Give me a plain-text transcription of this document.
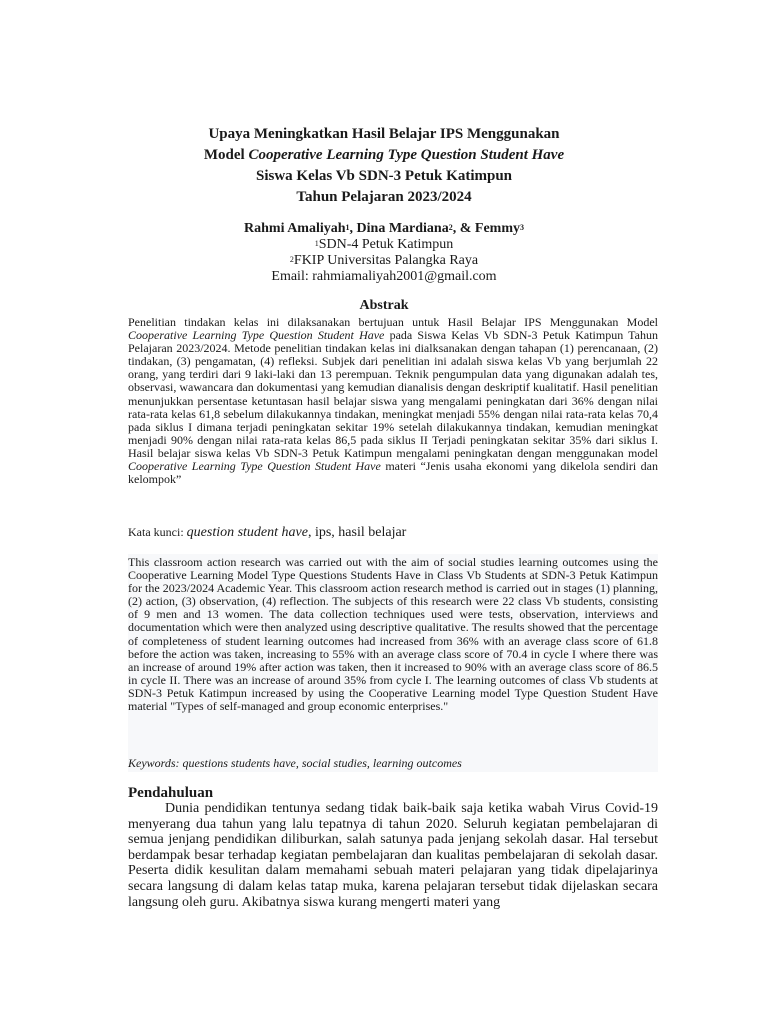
Upaya Meningkatkan Hasil Belajar IPS Menggunakan
Model Cooperative Learning Type Question Student Have
Siswa Kelas Vb SDN-3 Petuk Katimpun
Tahun Pelajaran 2023/2024
Rahmi Amaliyah$^1$, Dina Mardiana$^2$, & Femmy$^3$
$^1$SDN-4 Petuk Katimpun
$^2$FKIP Universitas Palangka Raya
Email: rahmiamaliyah2001@gmail.com
Abstrak
Penelitian tindakan kelas ini dilaksanakan bertujuan untuk Hasil Belajar IPS Menggunakan Model Cooperative Learning Type Question Student Have pada Siswa Kelas Vb SDN-3 Petuk Katimpun Tahun Pelajaran 2023/2024. Metode penelitian tindakan kelas ini dialksanakan dengan tahapan (1) perencanaan, (2) tindakan, (3) pengamatan, (4) refleksi. Subjek dari penelitian ini adalah siswa kelas Vb yang berjumlah 22 orang, yang terdiri dari 9 laki-laki dan 13 perempuan. Teknik pengumpulan data yang digunakan adalah tes, observasi, wawancara dan dokumentasi yang kemudian dianalisis dengan deskriptif kualitatif. Hasil penelitian menunjukkan persentase ketuntasan hasil belajar siswa yang mengalami peningkatan dari 36% dengan nilai rata-rata kelas 61,8 sebelum dilakukannya tindakan, meningkat menjadi 55% dengan nilai rata-rata kelas 70,4 pada siklus I dimana terjadi peningkatan sekitar 19% setelah dilakukannya tindakan, kemudian meningkat menjadi 90% dengan nilai rata-rata kelas 86,5 pada siklus II Terjadi peningkatan sekitar 35% dari siklus I. Hasil belajar siswa kelas Vb SDN-3 Petuk Katimpun mengalami peningkatan dengan menggunakan model Cooperative Learning Type Question Student Have materi “Jenis usaha ekonomi yang dikelola sendiri dan kelompok”
Kata kunci: question student have, ips, hasil belajar
This classroom action research was carried out with the aim of social studies learning outcomes using the Cooperative Learning Model Type Questions Students Have in Class Vb Students at SDN-3 Petuk Katimpun for the 2023/2024 Academic Year. This classroom action research method is carried out in stages (1) planning, (2) action, (3) observation, (4) reflection. The subjects of this research were 22 class Vb students, consisting of 9 men and 13 women. The data collection techniques used were tests, observation, interviews and documentation which were then analyzed using descriptive qualitative. The results showed that the percentage of completeness of student learning outcomes had increased from 36% with an average class score of 61.8 before the action was taken, increasing to 55% with an average class score of 70.4 in cycle I where there was an increase of around 19% after action was taken, then it increased to 90% with an average class score of 86.5 in cycle II. There was an increase of around 35% from cycle I. The learning outcomes of class Vb students at SDN-3 Petuk Katimpun increased by using the Cooperative Learning model Type Question Student Have material "Types of self-managed and group economic enterprises."
Keywords: questions students have, social studies, learning outcomes
Pendahuluan
Dunia pendidikan tentunya sedang tidak baik-baik saja ketika wabah Virus Covid-19 menyerang dua tahun yang lalu tepatnya di tahun 2020. Seluruh kegiatan pembelajaran di semua jenjang pendidikan diliburkan, salah satunya pada jenjang sekolah dasar. Hal tersebut berdampak besar terhadap kegiatan pembelajaran dan kualitas pembelajaran di sekolah dasar. Peserta didik kesulitan dalam memahami sebuah materi pelajaran yang tidak dipelajarinya secara langsung di dalam kelas tatap muka, karena pelajaran tersebut tidak dijelaskan secara langsung oleh guru. Akibatnya siswa kurang mengerti materi yang
